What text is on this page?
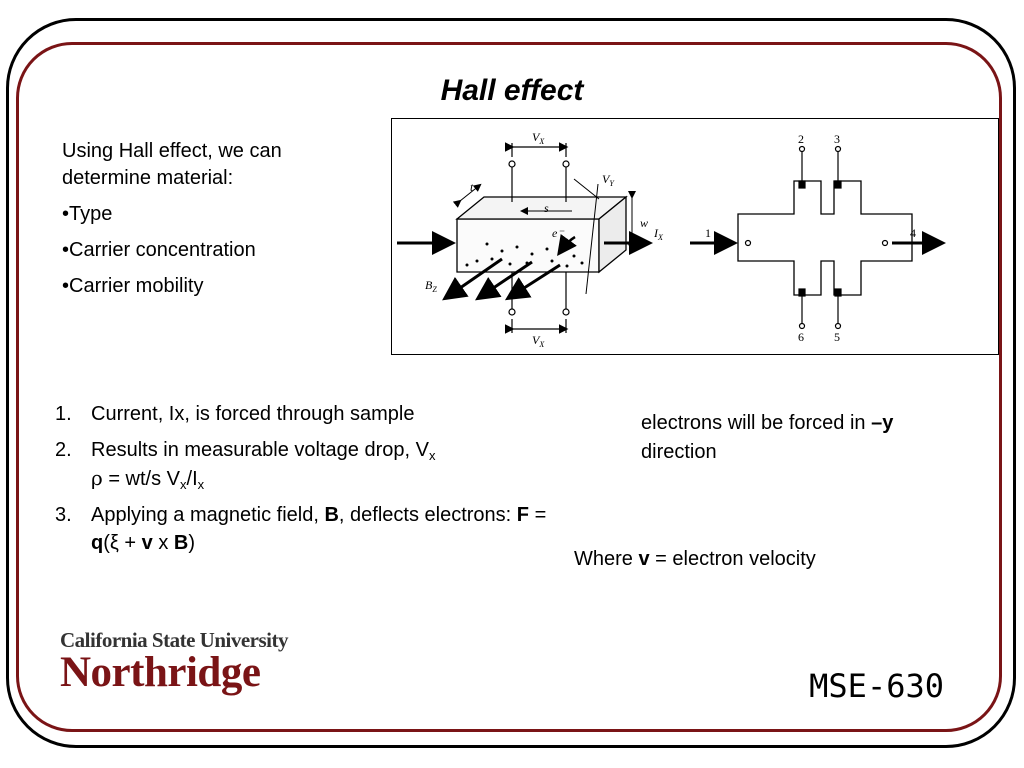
Hall effect

Using Hall effect, we can determine material:

•Type

•Carrier concentration

•Carrier mobility

$V_X$
$V_X$
$V_Y$
t
w
s
$I_X$
$B_Z$
e⁻	1
2	3
4
5
6
1. Current, Ix, is forced through sample
2. Results in measurable voltage drop, $V_x$
ρ = wt/s $V_x/I_x$
3. Applying a magnetic field, B, deflects electrons: F = q(ξ + v x B)
electrons will be forced in –y direction
Where v = electron velocity
California State University
Northridge	MSE-630
